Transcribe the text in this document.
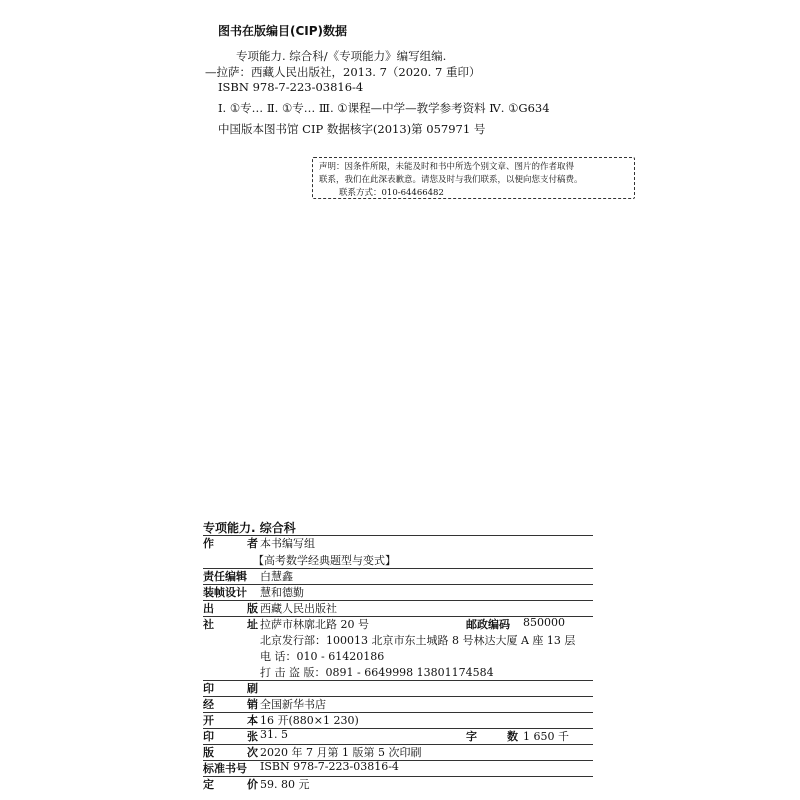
图书在版编目(CIP)数据
专项能力. 综合科/《专项能力》编写组编.
—拉萨：西藏人民出版社，2013. 7（2020. 7 重印）
ISBN 978-7-223-03816-4
Ⅰ. ①专… Ⅱ. ①专… Ⅲ. ①课程—中学—教学参考资料 Ⅳ. ①G634
中国版本图书馆 CIP 数据核字(2013)第 057971 号
声明：因条件所限，未能及时和书中所选个别文章、图片的作者取得
联系，我们在此深表歉意。请您及时与我们联系，以便向您支付稿费。
联系方式：010-64466482
专项能力. 综合科
作	者 本书编写组
【高考数学经典题型与变式】
责任编辑 白慧鑫
装帧设计 慧和德勤
出	版 西藏人民出版社
社	址 拉萨市林廓北路 20 号	邮政编码 850000
北京发行部：100013 北京市东土城路 8 号林达大厦 A 座 13 层
电 话：010 - 61420186
打 击 盗 版：0891 - 6649998 13801174584
印	刷
经	销 全国新华书店
开	本 16 开(880×1 230)
印	张 31. 5	字	数 1 650 千
版	次 2020 年 7 月第 1 版第 5 次印刷
标准书号 ISBN 978-7-223-03816-4
定	价 59. 80 元
